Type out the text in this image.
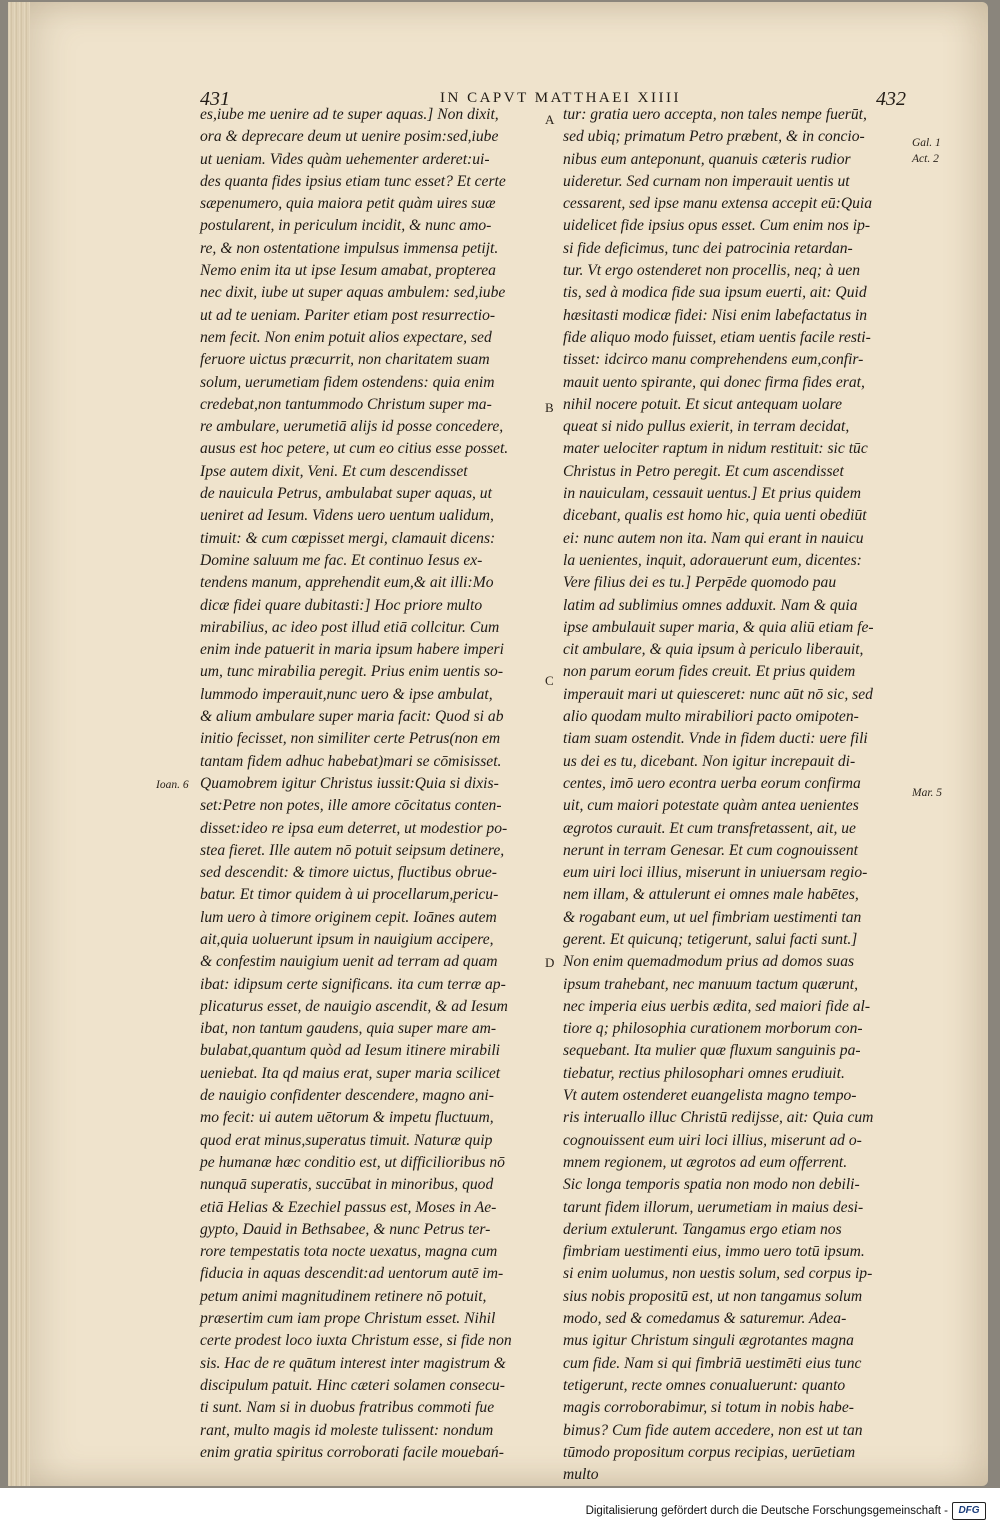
431	IN CAPVT MATTHAEI XIIII	432
es,iube me uenire ad te super aquas.] Non dixit,
ora & deprecare deum ut uenire posim:sed,iube
ut ueniam. Vides quàm uehementer arderet:ui-
des quanta fides ipsius etiam tunc esset? Et certe
sæpenumero, quia maiora petit quàm uires suæ
postularent, in periculum incidit, & nunc amo-
re, & non ostentatione impulsus immensa petijt.
Nemo enim ita ut ipse Iesum amabat, propterea
nec dixit, iube ut super aquas ambulem: sed,iube
ut ad te ueniam. Pariter etiam post resurrectio-
nem fecit. Non enim potuit alios expectare, sed
feruore uictus præcurrit, non charitatem suam
solum, uerumetiam fidem ostendens: quia enim
credebat,non tantummodo Christum super ma-
re ambulare, uerumetiā alijs id posse concedere,
ausus est hoc petere, ut cum eo citius esse posset.
Ipse autem dixit, Veni. Et cum descendisset
de nauicula Petrus, ambulabat super aquas, ut
ueniret ad Iesum. Videns uero uentum ualidum,
timuit: & cum cœpisset mergi, clamauit dicens:
Domine saluum me fac. Et continuo Iesus ex-
tendens manum, apprehendit eum,& ait illi:Mo
dicæ fidei quare dubitasti:] Hoc priore multo
mirabilius, ac ideo post illud etiā collcitur. Cum
enim inde patuerit in maria ipsum habere imperi
um, tunc mirabilia peregit. Prius enim uentis so-
lummodo imperauit,nunc uero & ipse ambulat,
& alium ambulare super maria facit: Quod si ab
initio fecisset, non similiter certe Petrus(non em
tantam fidem adhuc habebat)mari se cōmisisset.
Quamobrem igitur Christus iussit:Quia si dixis-
set:Petre non potes, ille amore cōcitatus conten-
disset:ideo re ipsa eum deterret, ut modestior po-
stea fieret. Ille autem nō potuit seipsum detinere,
sed descendit: & timore uictus, fluctibus obrue-
batur. Et timor quidem à ui procellarum,pericu-
lum uero à timore originem cepit. Ioānes autem
ait,quia uoluerunt ipsum in nauigium accipere,
& confestim nauigium uenit ad terram ad quam
ibat: idipsum certe significans. ita cum terræ ap-
plicaturus esset, de nauigio ascendit, & ad Iesum
ibat, non tantum gaudens, quia super mare am-
bulabat,quantum quòd ad Iesum itinere mirabili
ueniebat. Ita qd maius erat, super maria scilicet
de nauigio confidenter descendere, magno ani-
mo fecit: ui autem uētorum & impetu fluctuum,
quod erat minus,superatus timuit. Naturæ quip
pe humanæ hæc conditio est, ut difficilioribus nō
nunquā superatis, succūbat in minoribus, quod
etiā Helias & Ezechiel passus est, Moses in Ae-
gypto, Dauid in Bethsabee, & nunc Petrus ter-
rore tempestatis tota nocte uexatus, magna cum
fiducia in aquas descendit:ad uentorum autē im-
petum animi magnitudinem retinere nō potuit,
præsertim cum iam prope Christum esset. Nihil
certe prodest loco iuxta Christum esse, si fide non
sis. Hac de re quātum interest inter magistrum &
discipulum patuit. Hinc cæteri solamen consecu-
ti sunt. Nam si in duobus fratribus commoti fue
rant, multo magis id moleste tulissent: nondum
enim gratia spiritus corroborati facile mouebań-
tur: gratia uero accepta, non tales nempe fuerūt,
sed ubiq; primatum Petro præbent, & in concio-
nibus eum anteponunt, quanuis cæteris rudior
uideretur. Sed curnam non imperauit uentis ut
cessarent, sed ipse manu extensa accepit eū:Quia
uidelicet fide ipsius opus esset. Cum enim nos ip-
si fide deficimus, tunc dei patrocinia retardan-
tur. Vt ergo ostenderet non procellis, neq; à uen
tis, sed à modica fide sua ipsum euerti, ait: Quid
hæsitasti modicæ fidei: Nisi enim labefactatus in
fide aliquo modo fuisset, etiam uentis facile resti-
tisset: idcirco manu comprehendens eum,confir-
mauit uento spirante, qui donec firma fides erat,
nihil nocere potuit. Et sicut antequam uolare
queat si nido pullus exierit, in terram decidat,
mater uelociter raptum in nidum restituit: sic tūc
Christus in Petro peregit. Et cum ascendisset
in nauiculam, cessauit uentus.] Et prius quidem
dicebant, qualis est homo hic, quia uenti obediūt
ei: nunc autem non ita. Nam qui erant in nauicu
la uenientes, inquit, adorauerunt eum, dicentes:
Vere filius dei es tu.] Perpēde quomodo pau
latim ad sublimius omnes adduxit. Nam & quia
ipse ambulauit super maria, & quia aliū etiam fe-
cit ambulare, & quia ipsum à periculo liberauit,
non parum eorum fides creuit. Et prius quidem
imperauit mari ut quiesceret: nunc aūt nō sic, sed
alio quodam multo mirabiliori pacto omipoten-
tiam suam ostendit. Vnde in fidem ducti: uere fili
us dei es tu, dicebant. Non igitur increpauit di-
centes, imō uero econtra uerba eorum confirma
uit, cum maiori potestate quàm antea uenientes
ægrotos curauit. Et cum transfretassent, ait, ue
nerunt in terram Genesar. Et cum cognouissent
eum uiri loci illius, miserunt in uniuersam regio-
nem illam, & attulerunt ei omnes male habētes,
& rogabant eum, ut uel fimbriam uestimenti tan
gerent. Et quicunq; tetigerunt, salui facti sunt.]
Non enim quemadmodum prius ad domos suas
ipsum trahebant, nec manuum tactum quærunt,
nec imperia eius uerbis ædita, sed maiori fide al-
tiore q; philosophia curationem morborum con-
sequebant. Ita mulier quæ fluxum sanguinis pa-
tiebatur, rectius philosophari omnes erudiuit.
Vt autem ostenderet euangelista magno tempo-
ris interuallo illuc Christū redijsse, ait: Quia cum
cognouissent eum uiri loci illius, miserunt ad o-
mnem regionem, ut ægrotos ad eum offerrent.
Sic longa temporis spatia non modo non debili-
tarunt fidem illorum, uerumetiam in maius desi-
derium extulerunt. Tangamus ergo etiam nos
fimbriam uestimenti eius, immo uero totū ipsum.
si enim uolumus, non uestis solum, sed corpus ip-
sius nobis propositū est, ut non tangamus solum
modo, sed & comedamus & saturemur. Adea-
mus igitur Christum singuli ægrotantes magna
cum fide. Nam si qui fimbriā uestimēti eius tunc
tetigerunt, recte omnes conualuerunt: quanto
magis corroborabimur, si totum in nobis habe-
bimus? Cum fide autem accedere, non est ut tan
tūmodo propositum corpus recipias, uerūetiam
multo
A
B
C
D
Gal. 1
Act. 2
Ioan. 6
Mar. 5
Digitalisierung gefördert durch die Deutsche Forschungsgemeinschaft -	DFG
